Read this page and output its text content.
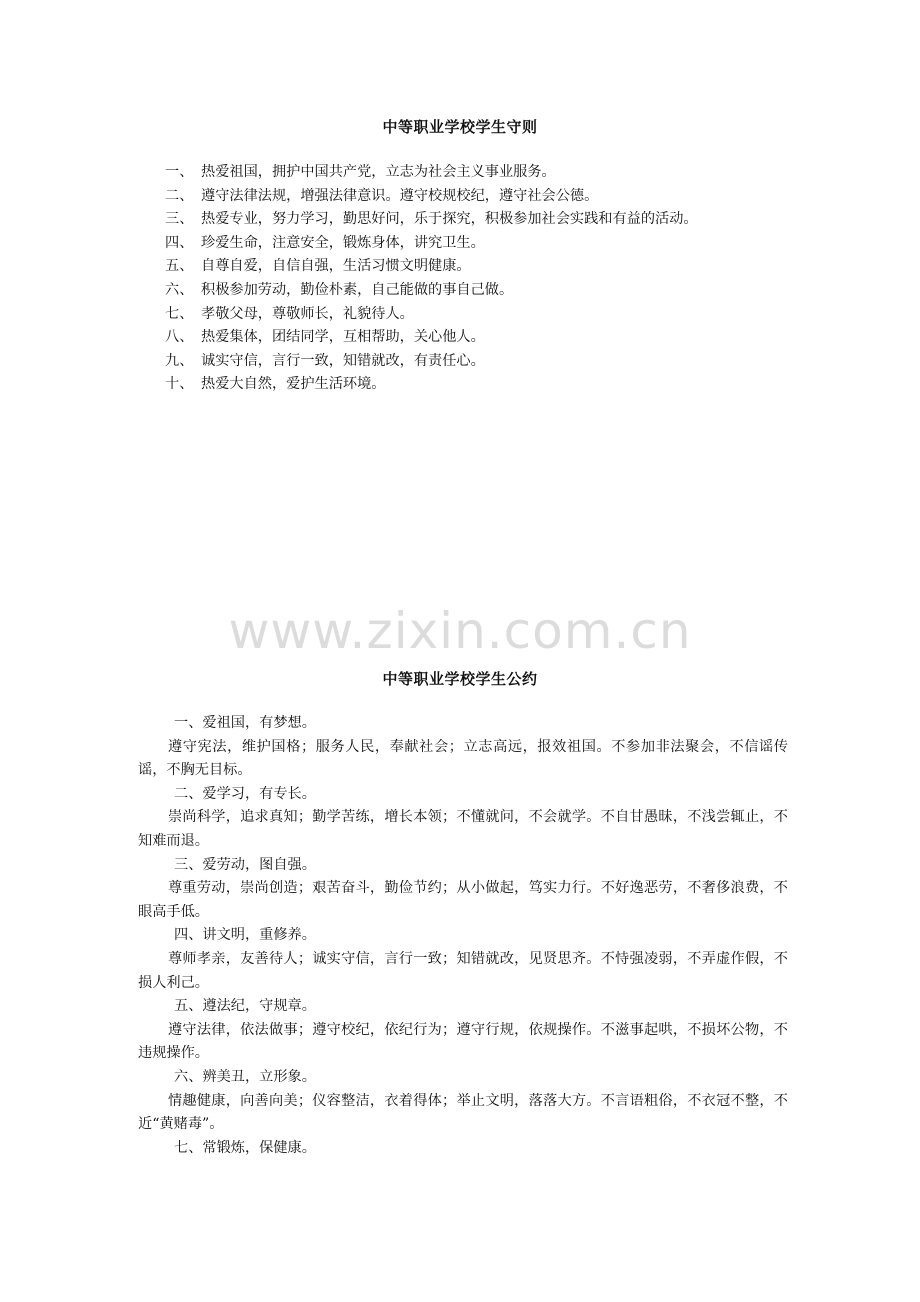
中等职业学校学生守则
一、 热爱祖国，拥护中国共产党，立志为社会主义事业服务。
二、 遵守法律法规，增强法律意识。遵守校规校纪，遵守社会公德。
三、 热爱专业，努力学习，勤思好问，乐于探究，积极参加社会实践和有益的活动。
四、 珍爱生命，注意安全，锻炼身体，讲究卫生。
五、 自尊自爱，自信自强，生活习惯文明健康。
六、 积极参加劳动，勤俭朴素，自己能做的事自己做。
七、 孝敬父母，尊敬师长，礼貌待人。
八、 热爱集体，团结同学，互相帮助，关心他人。
九、 诚实守信，言行一致，知错就改，有责任心。
十、 热爱大自然，爱护生活环境。
www.zixin.com.cn
中等职业学校学生公约
一、爱祖国，有梦想。
遵守宪法，维护国格；服务人民，奉献社会；立志高远，报效祖国。不参加非法聚会，不信谣传谣，不胸无目标。
二、爱学习，有专长。
崇尚科学，追求真知；勤学苦练，增长本领；不懂就问，不会就学。不自甘愚昧，不浅尝辄止，不知难而退。
三、爱劳动，图自强。
尊重劳动，崇尚创造；艰苦奋斗，勤俭节约；从小做起，笃实力行。不好逸恶劳，不奢侈浪费，不眼高手低。
四、讲文明，重修养。
尊师孝亲，友善待人；诚实守信，言行一致；知错就改，见贤思齐。不恃强凌弱，不弄虚作假，不损人利己。
五、遵法纪，守规章。
遵守法律，依法做事；遵守校纪，依纪行为；遵守行规，依规操作。不滋事起哄，不损坏公物，不违规操作。
六、辨美丑，立形象。
情趣健康，向善向美；仪容整洁，衣着得体；举止文明，落落大方。不言语粗俗，不衣冠不整，不近“黄赌毒”。
七、常锻炼，保健康。
